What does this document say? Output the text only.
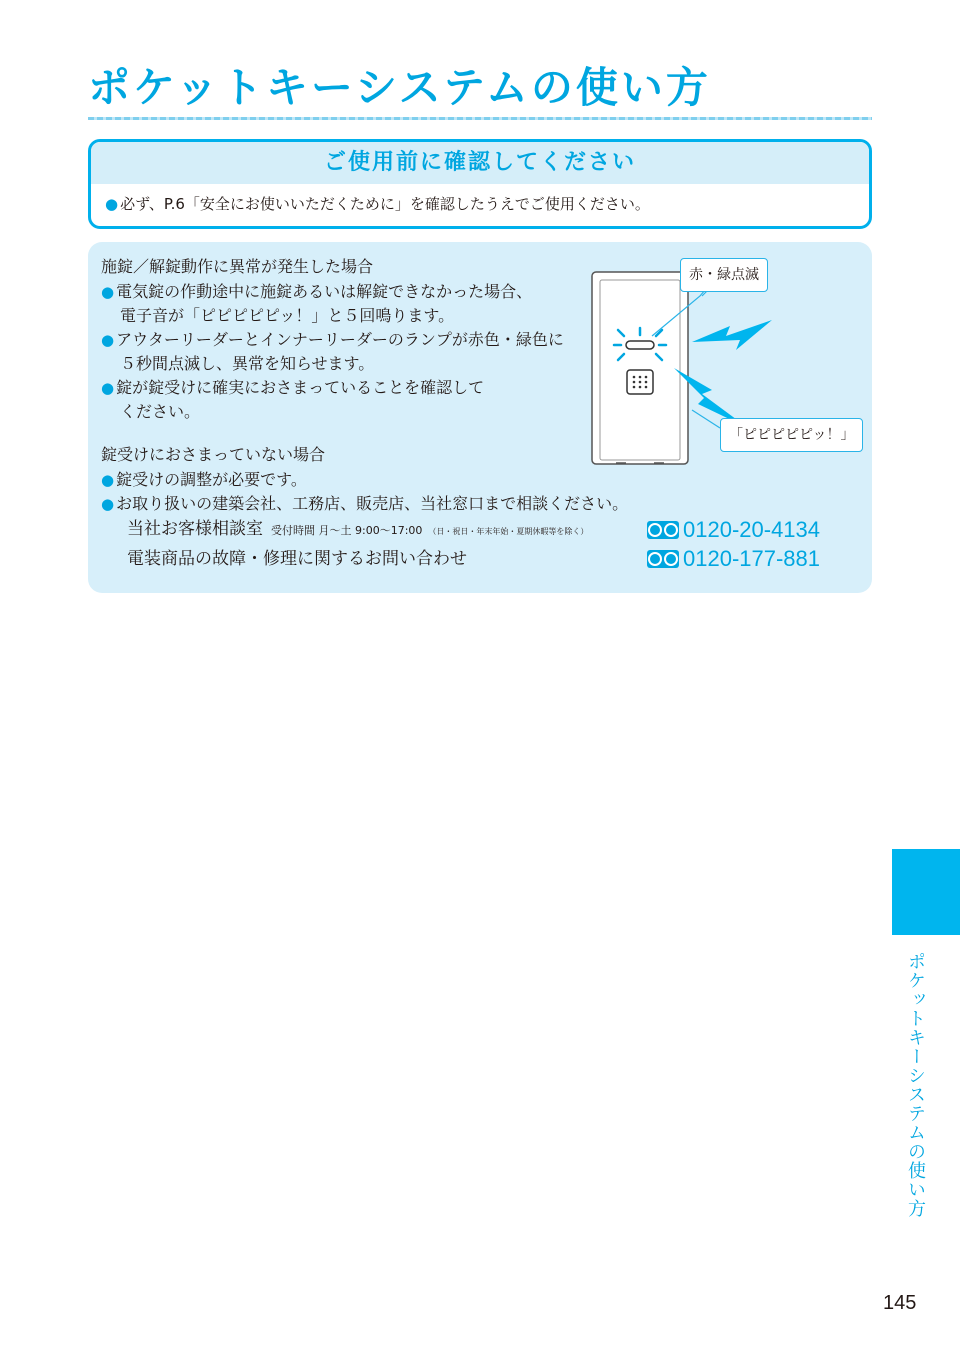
ポケットキーシステムの使い方
ご使用前に確認してください
● 必ず、P.6「安全にお使いいただくために」を確認したうえでご使用ください。
施錠／解錠動作に異常が発生した場合
● 電気錠の作動途中に施錠あるいは解錠できなかった場合、
電子音が「ピピピピピッ！」と５回鳴ります。
● アウターリーダーとインナーリーダーのランプが赤色・緑色に
５秒間点滅し、異常を知らせます。
● 錠が錠受けに確実におさまっていることを確認して
ください。
錠受けにおさまっていない場合
● 錠受けの調整が必要です。
● お取り扱いの建築会社、工務店、販売店、当社窓口まで相談ください。
当社お客様相談室 受付時間 月〜土 9:00〜17:00 （日・祝日・年末年始・夏期休暇等を除く）	0120-20-4134
電装商品の故障・修理に関するお問い合わせ	0120-177-881
赤・緑点滅
「ピピピピピッ！」
ポケットキーシステムの使い方
145
